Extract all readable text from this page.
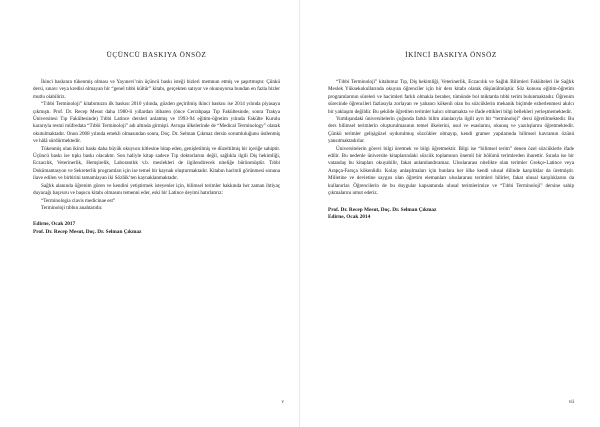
ÜÇÜNCÜ BASKIYA ÖNSÖZ

İkinci baskının tükenmiş olması ve Yayınevi’nin üçüncü baskı isteği bizleri memnun etmiş ve şaşırtmıştır. Çünkü dersi, sınavı veya kredisi olmayan bir “genel tıbbi kültür” kitabı, gerçekten satıyor ve okunuyorsa bundan en fazla bizler mutlu olabiliriz.

“Tıbbi Terminoloji” kitabımızın ilk baskısı 2010 yılında, gözden geçirilmiş ikinci baskısı ise 2014 yılında piyasaya çıkmıştı. Prof. Dr. Recep Mesut daha 1980-li yıllardan itibaren (önce Cerrahpaşa Tıp Fakültesinde, sonra Trakya Üniversitesi Tıp Fakültesinde) Tıbbi Latince dersleri anlatmış ve 1993-94 eğitim-öğretim yılında Fakülte Kurulu kararıyla resmi müfredata “Tıbbi Terminoloji” adı altında girmişti. Avrupa ülkelerinde de “Medical Terminology” olarak okutulmaktadır. Onun 2008 yılında emekli olmasından sonra, Doç. Dr. Selman Çıkmaz dersin sorumluluğunu üstlenmiş ve hâlâ sürdürmektedir.

Tükenmiş olan ikinci baskı daha büyük okuyucu kitlesine hitap eden, genişletilmiş ve düzeltilmiş bir içeriğe sahiptir. Üçüncü baskı ise tıpkı baskı olacaktır. Son haliyle kitap sadece Tıp doktorlarını değil, sağlıkla ilgili Diş hekimliği, Eczacılık, Veterinerlik, Hemşirelik, Laborantlık v.b. meslekleri de ilgilendirecek niteliğe bürünmüştür. Tıbbi Dokümantasyon ve Sekreterlik programları için ise temel bir kaynak oluşturmaktadır. Kitabın hacimli görünmesi sonuna ilave edilen ve birbirini tamamlayan iki Sözlük’ten kaynaklanmaktadır.

Sağlık alanında öğrenim gören ve kendini yetiştirmek isteyenler için, bilimsel terimler hakkında her zaman ihtiyaç duyacağı başvuru ve başucu kitabı olmasını temenni eder, eski bir Latince deyimi hatırlatırız:

“Terminologia clavis medicinae est”

Terminoloji tıbbın anahtarıdır.

Edirne, Ocak 2017
Prof. Dr. Recep Mesut, Doç. Dr. Selman Çıkmaz
v
İKİNCİ BASKIYA ÖNSÖZ

“Tıbbi Terminoloji” kitabımız Tıp, Diş hekimliği, Veterinerlik, Eczacılık ve Sağlık Bilimleri Fakülteleri ile Sağlık Meslek Yüksekokullarında okuyan öğrenciler için bir ders kitabı olarak düşünülmüştür. Söz konusu eğitim-öğretim programlarının süreleri ve hacimleri farklı olmakla beraber, tümünde bol miktarda tıbbi terim bulunmaktadır. Öğrenim sürecinde öğrencileri fazlasıyla zorlayan ve yabancı kökenli olan bu sözcüklerin mekanik biçimde ezberlenmesi akılcı bir yaklaşım değildir. Bu şekilde öğretilen terimler kalıcı olmamakta ve ifade ettikleri bilgi bellekleri yerleşmemektedir.

Yurtdışındaki üniversitelerin çoğunda farklı bilim alanlarıyla ilgili ayrı bir “terminoloji” dersi öğretilmektedir. Bu ders bilimsel terimlerin oluşturulmasının temel ilkelerini, usul ve esaslarını, okunuş ve yazılışlarını öğretmektedir. Çünkü terimler gelişigüzel uydurulmuş sözcükler olmayıp, kendi gramer yapılarında bilimsel kavramın özünü yansıtmaktadırlar.

Üniversitelerin görevi bilgi üretmek ve bilgi öğretmektir. Bilgi ise “bilimsel terim” denen özel sözcüklerle ifade edilir. Bu nedenle üniversite kitaplarındaki sözcük toplamının önemli bir bölümü terimlerden ibarettir. Sırada ise bir vatandaş bu kitapları okuyabilir, fakat anlamlandıramaz. Uluslararası nitelikte olan terimler Grekçe-Latince veya Arapça-Farsça kökenlidir. Kolay anlaşılmaları için bunlara her ülke kendi ulusal dilinde karşılıklar da üretmiştir. Milletine ve devletine saygısı olan öğretim elemanları uluslararası terimleri bilirler, fakat ulusal karşılıklarını da kullanırlar. Öğrencilerin de bu duygular kapsamında ulusal terimlerimize ve “Tıbbi Terminoloji” dersine sahip çıkmalarını umut ederiz.

Prof. Dr. Recep Mesut, Doç. Dr. Selman Çıkmaz
Edirne, Ocak 2014
vii
